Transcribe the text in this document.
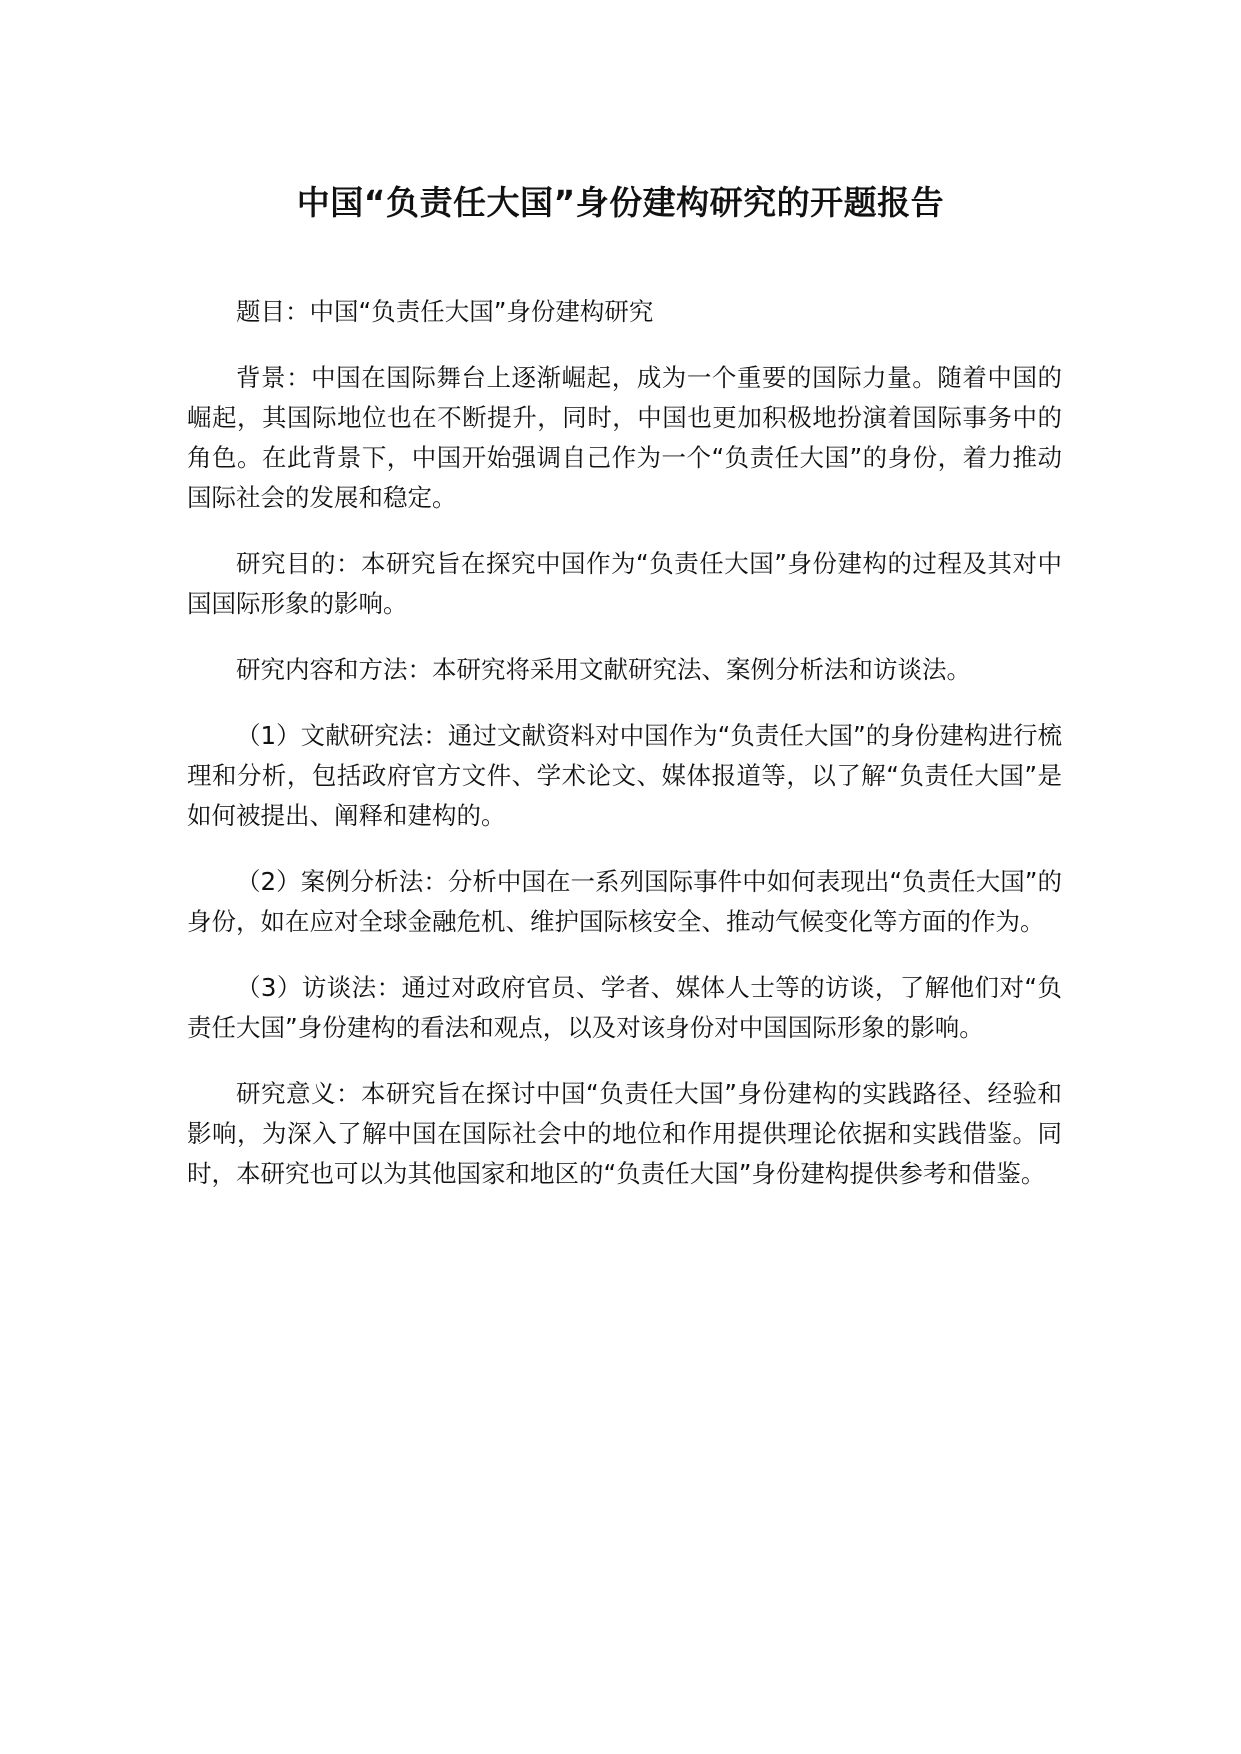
中国“负责任大国”身份建构研究的开题报告

题目：中国“负责任大国”身份建构研究

背景：中国在国际舞台上逐渐崛起，成为一个重要的国际力量。随着中国的崛起，其国际地位也在不断提升，同时，中国也更加积极地扮演着国际事务中的角色。在此背景下，中国开始强调自己作为一个“负责任大国”的身份，着力推动国际社会的发展和稳定。

研究目的：本研究旨在探究中国作为“负责任大国”身份建构的过程及其对中国国际形象的影响。

研究内容和方法：本研究将采用文献研究法、案例分析法和访谈法。

（1）文献研究法：通过文献资料对中国作为“负责任大国”的身份建构进行梳理和分析，包括政府官方文件、学术论文、媒体报道等，以了解“负责任大国”是如何被提出、阐释和建构的。

（2）案例分析法：分析中国在一系列国际事件中如何表现出“负责任大国”的身份，如在应对全球金融危机、维护国际核安全、推动气候变化等方面的作为。

（3）访谈法：通过对政府官员、学者、媒体人士等的访谈，了解他们对“负责任大国”身份建构的看法和观点，以及对该身份对中国国际形象的影响。

研究意义：本研究旨在探讨中国“负责任大国”身份建构的实践路径、经验和影响，为深入了解中国在国际社会中的地位和作用提供理论依据和实践借鉴。同时，本研究也可以为其他国家和地区的“负责任大国”身份建构提供参考和借鉴。
